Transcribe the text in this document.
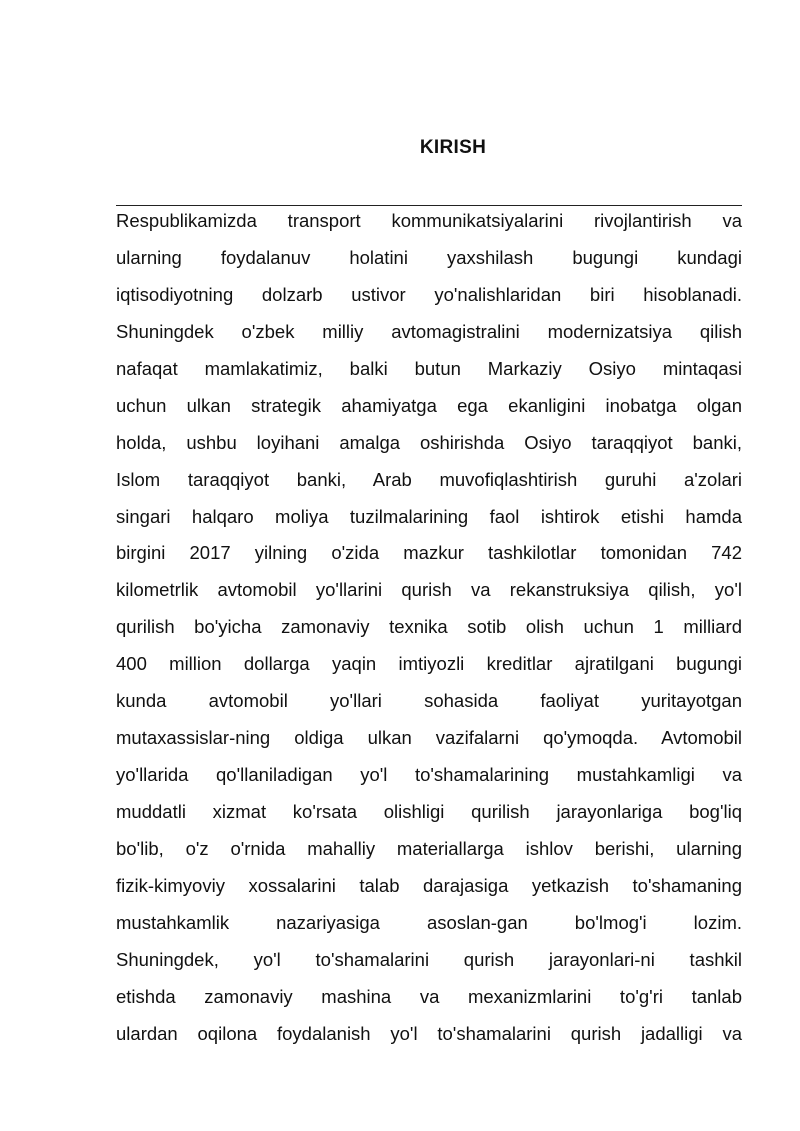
KIRISH
Respublikamizda transport kommunikatsiyalarini rivojlantirish va
ularning foydalanuv holatini yaxshilash bugungi kundagi
iqtisodiyotning dolzarb ustivor yo'nalishlaridan biri hisoblanadi.
Shuningdek o'zbek milliy avtomagistralini modernizatsiya qilish
nafaqat mamlakatimiz, balki butun Markaziy Osiyo mintaqasi
uchun ulkan strategik ahamiyatga ega ekanligini inobatga olgan
holda, ushbu loyihani amalga oshirishda Osiyo taraqqiyot banki,
Islom taraqqiyot banki, Arab muvofiqlashtirish guruhi a'zolari
singari halqaro moliya tuzilmalarining faol ishtirok etishi hamda
birgini 2017 yilning o'zida mazkur tashkilotlar tomonidan 742
kilometrlik avtomobil yo'llarini qurish va rekanstruksiya qilish, yo'l
qurilish bo'yicha zamonaviy texnika sotib olish uchun 1 milliard
400 million dollarga yaqin imtiyozli kreditlar ajratilgani bugungi
kunda avtomobil yo'llari sohasida faoliyat yuritayotgan
mutaxassislar-ning oldiga ulkan vazifalarni qo'ymoqda. Avtomobil
yo'llarida qo'llaniladigan yo'l to'shamalarining mustahkamligi va
muddatli xizmat ko'rsata olishligi qurilish jarayonlariga bog'liq
bo'lib, o'z o'rnida mahalliy materiallarga ishlov berishi, ularning
fizik-kimyoviy xossalarini talab darajasiga yetkazish to'shamaning
mustahkamlik nazariyasiga asoslan-gan bo'lmog'i lozim.
Shuningdek, yo'l to'shamalarini qurish jarayonlari-ni tashkil
etishda zamonaviy mashina va mexanizmlarini to'g'ri tanlab
ulardan oqilona foydalanish yo'l to'shamalarini qurish jadalligi va
